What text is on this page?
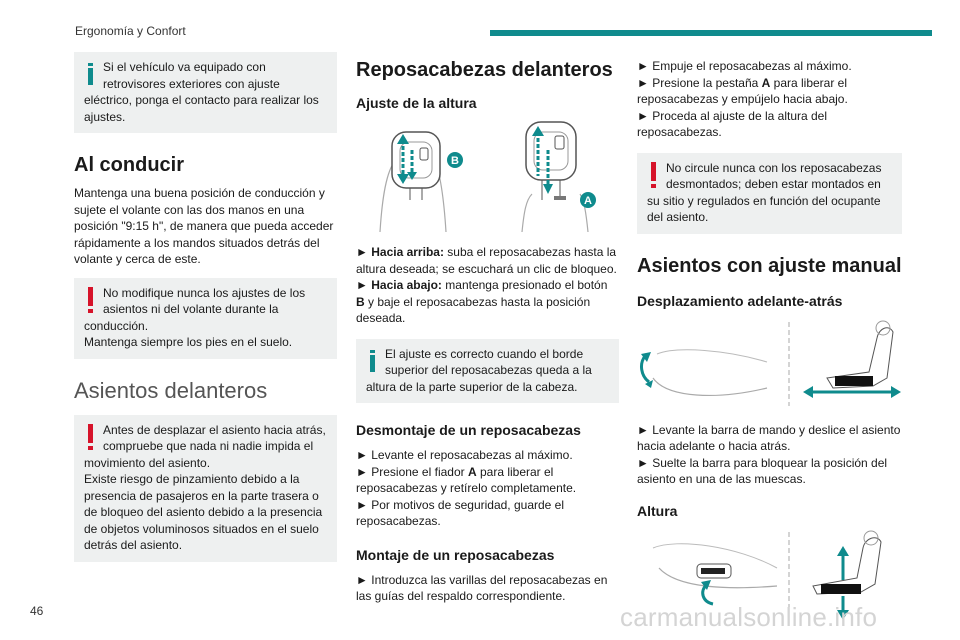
Ergonomía y Confort
Si el vehículo va equipado con retrovisores exteriores con ajuste eléctrico, ponga el contacto para realizar los ajustes.
Al conducir

Mantenga una buena posición de conducción y sujete el volante con las dos manos en una posición "9:15 h", de manera que pueda acceder rápidamente a los mandos situados detrás del volante y cerca de este.

No modifique nunca los ajustes de los asientos ni del volante durante la conducción.
Mantenga siempre los pies en el suelo.
Asientos delanteros
Antes de desplazar el asiento hacia atrás, compruebe que nada ni nadie impida el movimiento del asiento.
Existe riesgo de pinzamiento debido a la presencia de pasajeros en la parte trasera o de bloqueo del asiento debido a la presencia de objetos voluminosos situados en el suelo detrás del asiento.
Reposacabezas delanteros
Ajuste de la altura
B
A

► Hacia arriba: suba el reposacabezas hasta la altura deseada; se escuchará un clic de bloqueo.

► Hacia abajo: mantenga presionado el botón B y baje el reposacabezas hasta la posición deseada.

El ajuste es correcto cuando el borde superior del reposacabezas queda a la altura de la parte superior de la cabeza.
Desmontaje de un reposacabezas

► Levante el reposacabezas al máximo.

► Presione el fiador A para liberar el reposacabezas y retírelo completamente.

► Por motivos de seguridad, guarde el reposacabezas.

Montaje de un reposacabezas

► Introduzca las varillas del reposacabezas en las guías del respaldo correspondiente.

► Empuje el reposacabezas al máximo.

► Presione la pestaña A para liberar el reposacabezas y empújelo hacia abajo.

► Proceda al ajuste de la altura del reposacabezas.

No circule nunca con los reposacabezas desmontados; deben estar montados en su sitio y regulados en función del ocupante del asiento.
Asientos con ajuste manual
Desplazamiento adelante-atrás

► Levante la barra de mando y deslice el asiento hacia adelante o hacia atrás.

► Suelte la barra para bloquear la posición del asiento en una de las muescas.

Altura
46	carmanualsonline.info
